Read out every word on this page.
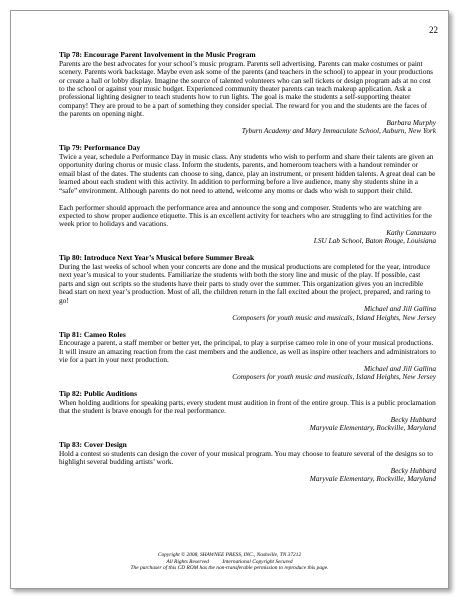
22
Tip 78: Encourage Parent Involvement in the Music Program

Parents are the best advocates for your school’s music program. Parents sell advertising. Parents can make costumes or paint scenery. Parents work backstage. Maybe even ask some of the parents (and teachers in the school) to appear in your productions or create a hall or lobby display. Imagine the source of talented volunteers who can sell tickets or design program ads at no cost to the school or against your music budget. Experienced community theater parents can teach makeup application. Ask a professional lighting designer to teach students how to run lights. The goal is make the students a self-supporting theater company! They are proud to be a part of something they consider special. The reward for you and the students are the faces of the parents on opening night.

Barbara Murphy
Tyburn Academy and Mary Immaculate School, Auburn, New York
Tip 79: Performance Day

Twice a year, schedule a Performance Day in music class. Any students who wish to perform and share their talents are given an opportunity during chorus or music class. Inform the students, parents, and homeroom teachers with a handout reminder or email blast of the dates. The students can choose to sing, dance, play an instrument, or present hidden talents. A great deal can be learned about each student with this activity. In addition to performing before a live audience, many shy students shine in a “safe” environment. Although parents do not need to attend, welcome any moms or dads who wish to support their child.

Each performer should approach the performance area and announce the song and composer. Students who are watching are expected to show proper audience etiquette. This is an excellent activity for teachers who are struggling to find activities for the week prior to holidays and vacations.

Kathy Catanzaro
LSU Lab School, Baton Rouge, Louisiana
Tip 80: Introduce Next Year’s Musical before Summer Break

During the last weeks of school when your concerts are done and the musical productions are completed for the year, introduce next year’s musical to your students. Familiarize the students with both the story line and music of the play. If possible, cast parts and sign out scripts so the students have their parts to study over the summer. This organization gives you an incredible head start on next year’s production. Most of all, the children return in the fall excited about the project, prepared, and raring to go!

Michael and Jill Gallina
Composers for youth music and musicals, Island Heights, New Jersey
Tip 81: Cameo Roles

Encourage a parent, a staff member or better yet, the principal, to play a surprise cameo role in one of your musical productions. It will insure an amazing reaction from the cast members and the audience, as well as inspire other teachers and administrators to vie for a part in your next production.

Michael and Jill Gallina
Composers for youth music and musicals, Island Heights, New Jersey
Tip 82: Public Auditions

When holding auditions for speaking parts, every student must audition in front of the entire group. This is a public proclamation that the student is brave enough for the real performance.

Becky Hubbard
Maryvale Elementary, Rockville, Maryland
Tip 83: Cover Design

Hold a contest so students can design the cover of your musical program. You may choose to feature several of the designs so to highlight several budding artists’ work.

Becky Hubbard
Maryvale Elementary, Rockville, Maryland
Copyright © 2008, SHAWNEE PRESS, INC., Nashville, TN 37212
All Rights Reserved          International Copyright Secured
The purchaser of this CD ROM has the non-transferable permission to reproduce this page.
